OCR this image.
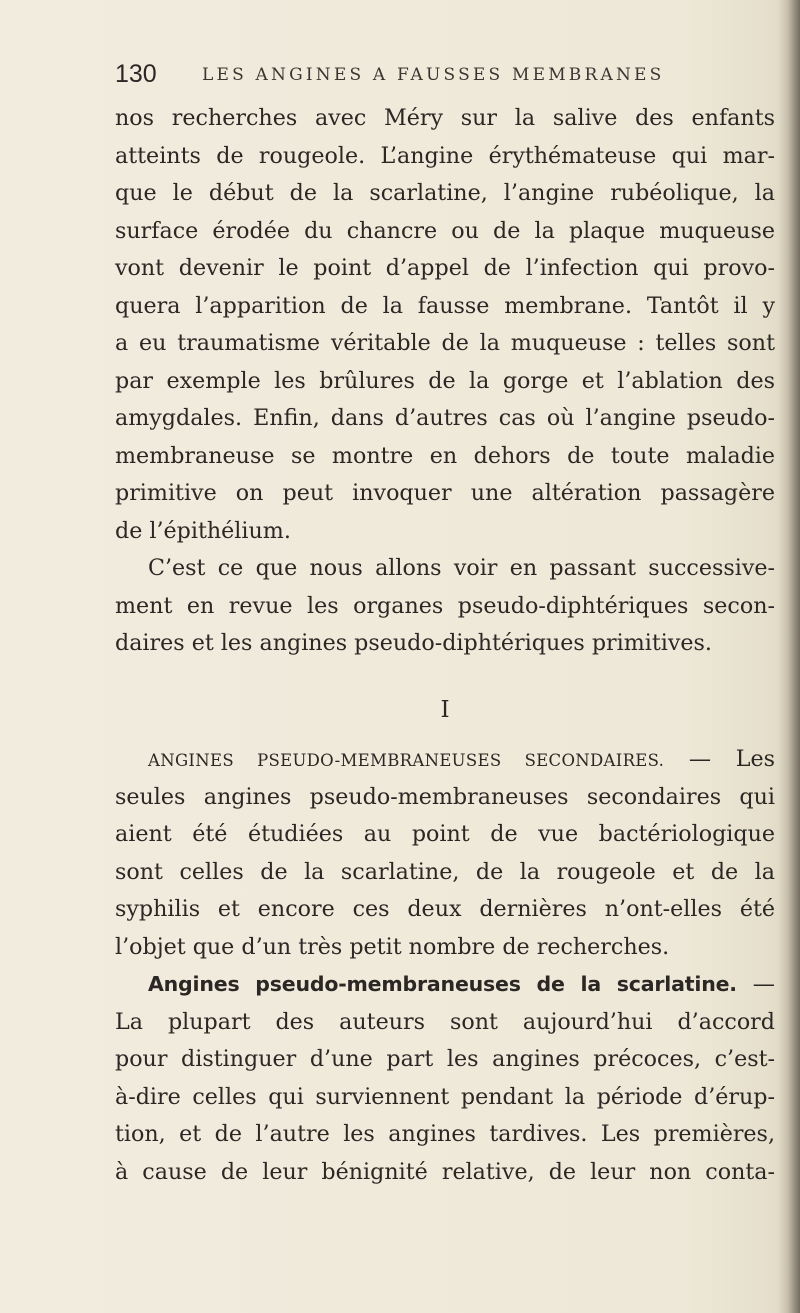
130	LES ANGINES A FAUSSES MEMBRANES
nos recherches avec Méry sur la salive des enfants
atteints de rougeole. L’angine érythémateuse qui mar-
que le début de la scarlatine, l’angine rubéolique, la
surface érodée du chancre ou de la plaque muqueuse
vont devenir le point d’appel de l’infection qui provo-
quera l’apparition de la fausse membrane. Tantôt il y
a eu traumatisme véritable de la muqueuse : telles sont
par exemple les brûlures de la gorge et l’ablation des
amygdales. Enfin, dans d’autres cas où l’angine pseudo-
membraneuse se montre en dehors de toute maladie
primitive on peut invoquer une altération passagère
de l’épithélium.
C’est ce que nous allons voir en passant successive-
ment en revue les organes pseudo-diphtériques secon-
daires et les angines pseudo-diphtériques primitives.
I
ANGINES PSEUDO-MEMBRANEUSES SECONDAIRES. — Les
seules angines pseudo-membraneuses secondaires qui
aient été étudiées au point de vue bactériologique
sont celles de la scarlatine, de la rougeole et de la
syphilis et encore ces deux dernières n’ont-elles été
l’objet que d’un très petit nombre de recherches.
Angines pseudo-membraneuses de la scarlatine. —
La plupart des auteurs sont aujourd’hui d’accord
pour distinguer d’une part les angines précoces, c’est-
à-dire celles qui surviennent pendant la période d’érup-
tion, et de l’autre les angines tardives. Les premières,
à cause de leur bénignité relative, de leur non conta-
